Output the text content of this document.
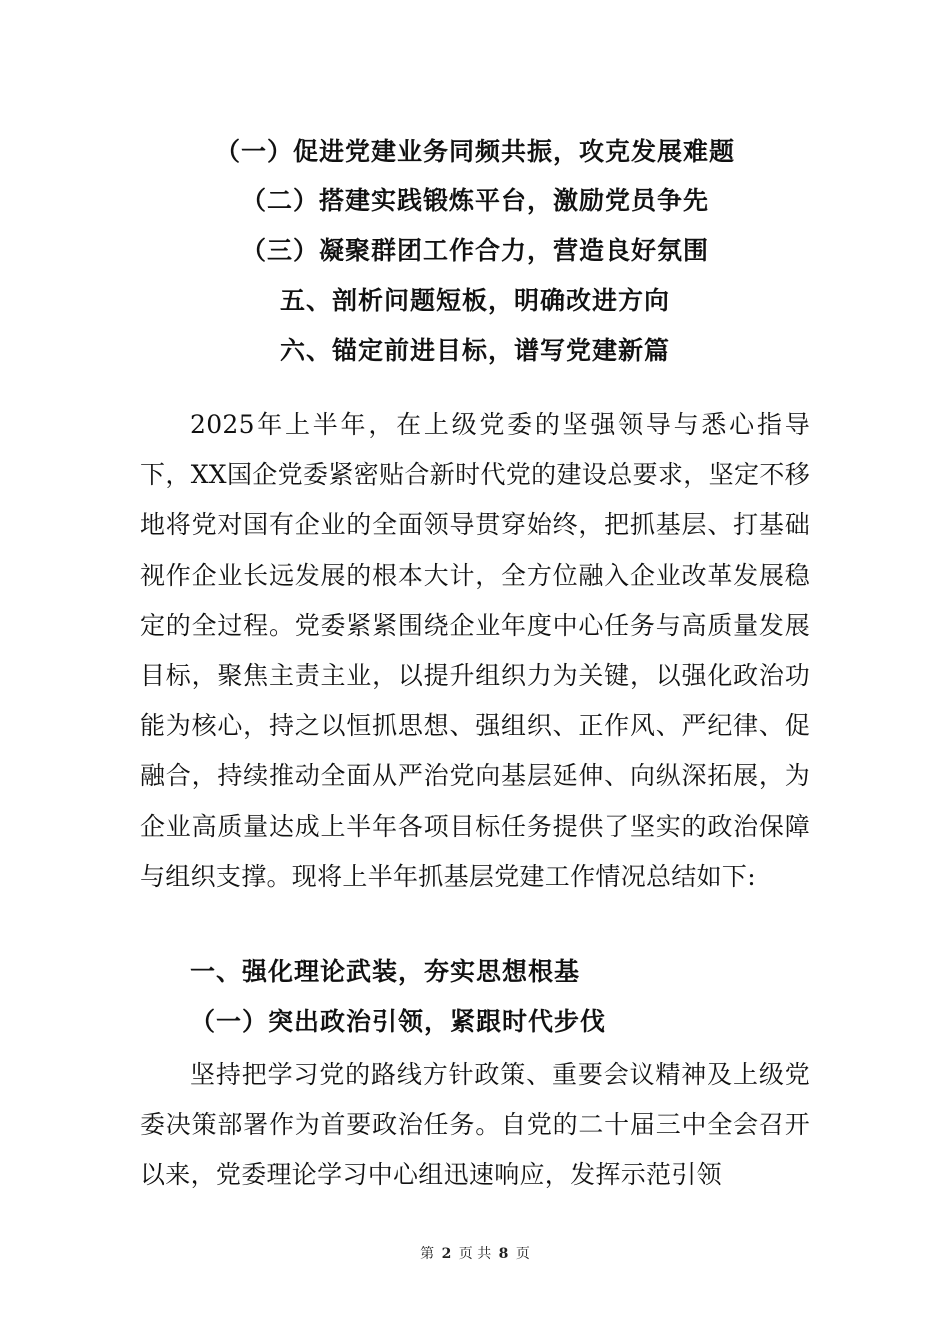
（一）促进党建业务同频共振，攻克发展难题
（二）搭建实践锻炼平台，激励党员争先
（三）凝聚群团工作合力，营造良好氛围
五、剖析问题短板，明确改进方向
六、锚定前进目标，谱写党建新篇

2025年上半年，在上级党委的坚强领导与悉心指导下，XX国企党委紧密贴合新时代党的建设总要求，坚定不移地将党对国有企业的全面领导贯穿始终，把抓基层、打基础视作企业长远发展的根本大计，全方位融入企业改革发展稳定的全过程。党委紧紧围绕企业年度中心任务与高质量发展目标，聚焦主责主业，以提升组织力为关键，以强化政治功能为核心，持之以恒抓思想、强组织、正作风、严纪律、促融合，持续推动全面从严治党向基层延伸、向纵深拓展，为企业高质量达成上半年各项目标任务提供了坚实的政治保障与组织支撑。现将上半年抓基层党建工作情况总结如下:

一、强化理论武装，夯实思想根基
（一）突出政治引领，紧跟时代步伐

坚持把学习党的路线方针政策、重要会议精神及上级党委决策部署作为首要政治任务。自党的二十届三中全会召开以来，党委理论学习中心组迅速响应，发挥示范引领

第 2 页 共 8 页
